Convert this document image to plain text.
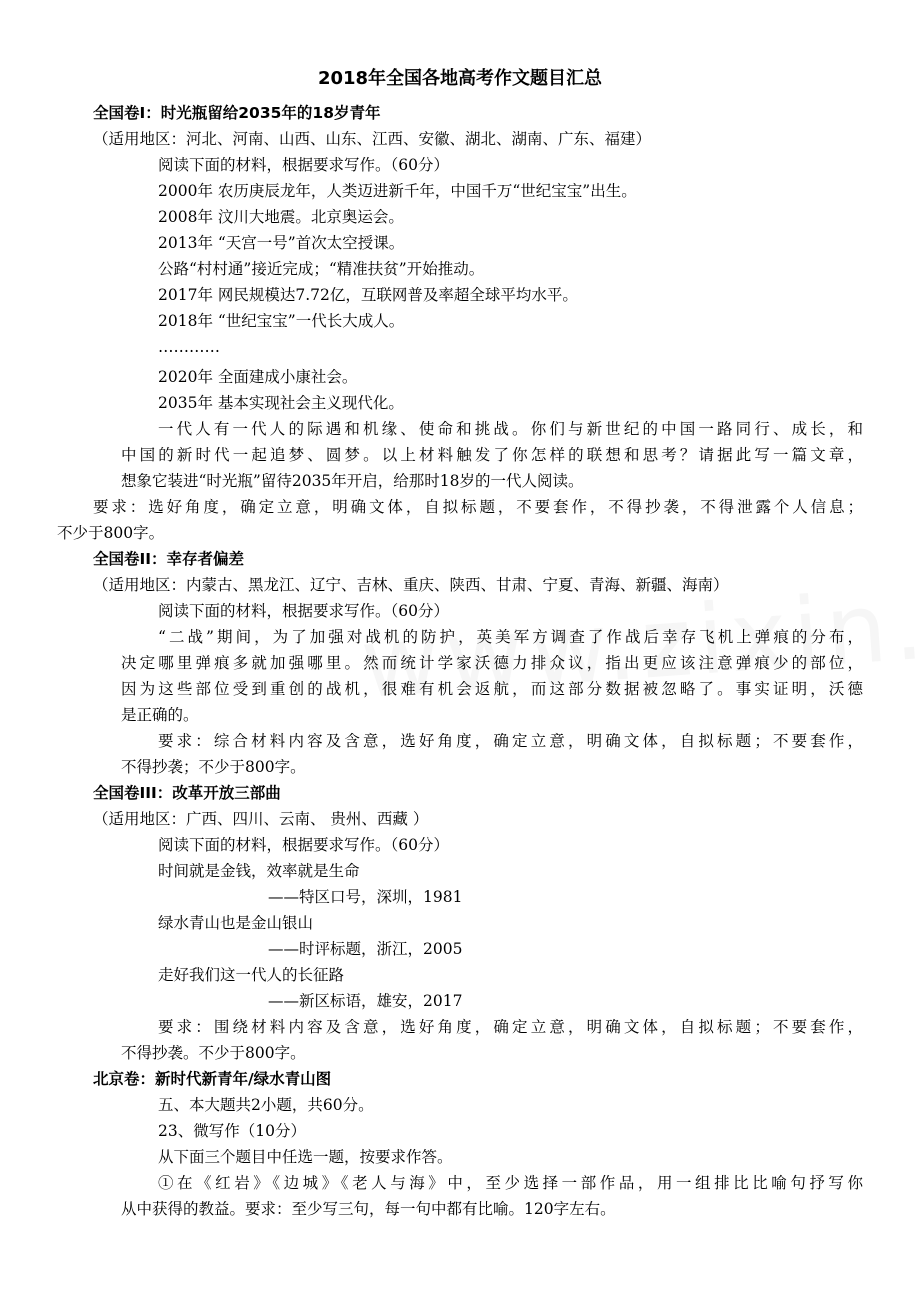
2018年全国各地高考作文题目汇总
全国卷I：时光瓶留给2035年的18岁青年
（适用地区：河北、河南、山西、山东、江西、安徽、湖北、湖南、广东、福建）
阅读下面的材料，根据要求写作。（60分）
2000年 农历庚辰龙年，人类迈进新千年，中国千万“世纪宝宝”出生。
2008年 汶川大地震。北京奥运会。
2013年 “天宫一号”首次太空授课。
公路“村村通”接近完成；“精准扶贫”开始推动。
2017年 网民规模达7.72亿，互联网普及率超全球平均水平。
2018年 “世纪宝宝”一代长大成人。
…………
2020年 全面建成小康社会。
2035年 基本实现社会主义现代化。
一代人有一代人的际遇和机缘、使命和挑战。你们与新世纪的中国一路同行、成长，和
中国的新时代一起追梦、圆梦。以上材料触发了你怎样的联想和思考？请据此写一篇文章，
想象它装进“时光瓶”留待2035年开启，给那时18岁的一代人阅读。
要求：选好角度，确定立意，明确文体，自拟标题，不要套作，不得抄袭，不得泄露个人信息；
不少于800字。
全国卷II：幸存者偏差
（适用地区：内蒙古、黑龙江、辽宁、吉林、重庆、陕西、甘肃、宁夏、青海、新疆、海南）
阅读下面的材料，根据要求写作。（60分）
“二战”期间，为了加强对战机的防护，英美军方调查了作战后幸存飞机上弹痕的分布，
决定哪里弹痕多就加强哪里。然而统计学家沃德力排众议，指出更应该注意弹痕少的部位，
因为这些部位受到重创的战机，很难有机会返航，而这部分数据被忽略了。事实证明，沃德
是正确的。
要求：综合材料内容及含意，选好角度，确定立意，明确文体，自拟标题；不要套作，
不得抄袭；不少于800字。
全国卷III：改革开放三部曲
（适用地区：广西、四川、云南、 贵州、西藏 ）
阅读下面的材料，根据要求写作。（60分）
时间就是金钱，效率就是生命
——特区口号，深圳，1981
绿水青山也是金山银山
——时评标题，浙江，2005
走好我们这一代人的长征路
——新区标语，雄安，2017
要求：围绕材料内容及含意，选好角度，确定立意，明确文体，自拟标题；不要套作，
不得抄袭。不少于800字。
北京卷：新时代新青年/绿水青山图
五、本大题共2小题，共60分。
23、微写作（10分）
从下面三个题目中任选一题，按要求作答。
①在《红岩》《边城》《老人与海》中，至少选择一部作品，用一组排比比喻句抒写你
从中获得的教益。要求：至少写三句，每一句中都有比喻。120字左右。
